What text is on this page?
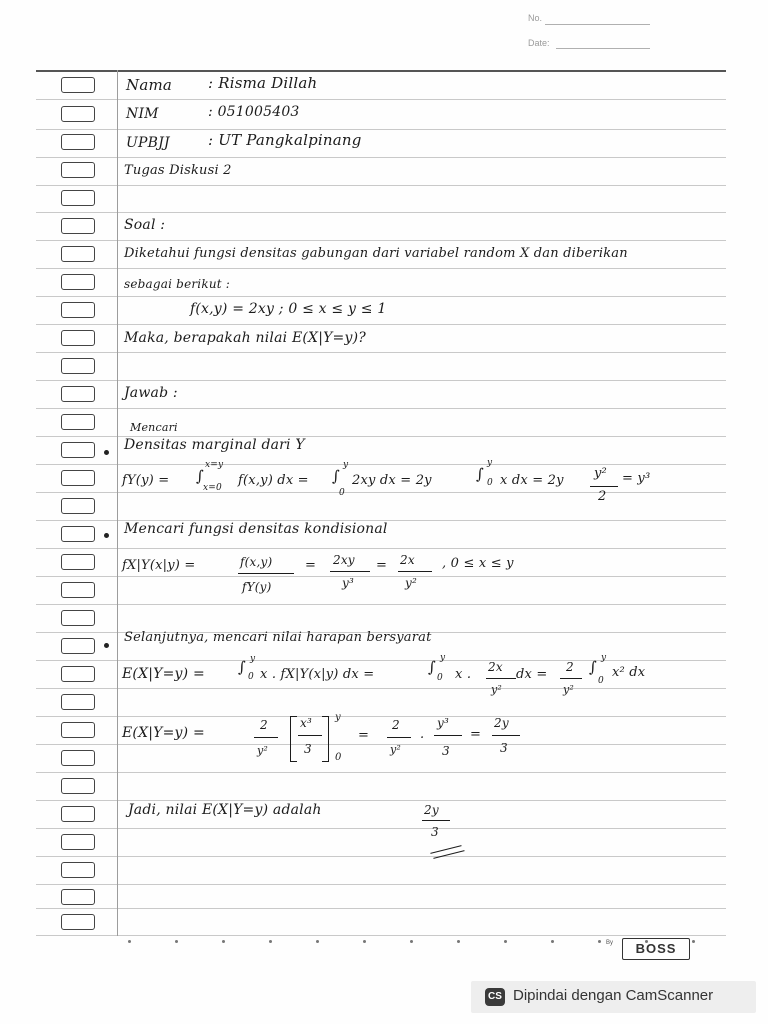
No.
Date:
Nama : Risma Dillah
NIM	: 051005403
UPBJJ	: UT Pangkalpinang
Tugas Diskusi 2
Soal :
Diketahui fungsi densitas gabungan dari variabel random X dan diberikan
sebagai berikut :
f(x,y) = 2xy ; 0 ≤ x ≤ y ≤ 1
Maka, berapakah nilai E(X|Y=y)?
Jawab :
Mencari
Densitas marginal dari Y
fY(y) = ∫
x=y
x=0 f(x,y) dx = ∫
y
0
2xy dx = 2y	∫
y
0 x dx = 2y y²
2
= y³
Mencari fungsi densitas kondisional
fX|Y(x|y) =	f(x,y)
fY(y)
= 2xy
y³
= 2x
y²
, 0 ≤ x ≤ y
Selanjutnya, mencari nilai harapan bersyarat
E(X|Y=y) = ∫ y
0 x . fX|Y(x|y) dx =	∫ y
0 x . 2x
y²
dx = 2
y²
∫ y
0
x² dx
E(X|Y=y) =	2
y²
x³
3
y
0
=
2
y²
.
y³
3
=
2y
3
Jadi, nilai E(X|Y=y) adalah	2y
3
By	BOSS
CS Dipindai dengan CamScanner
